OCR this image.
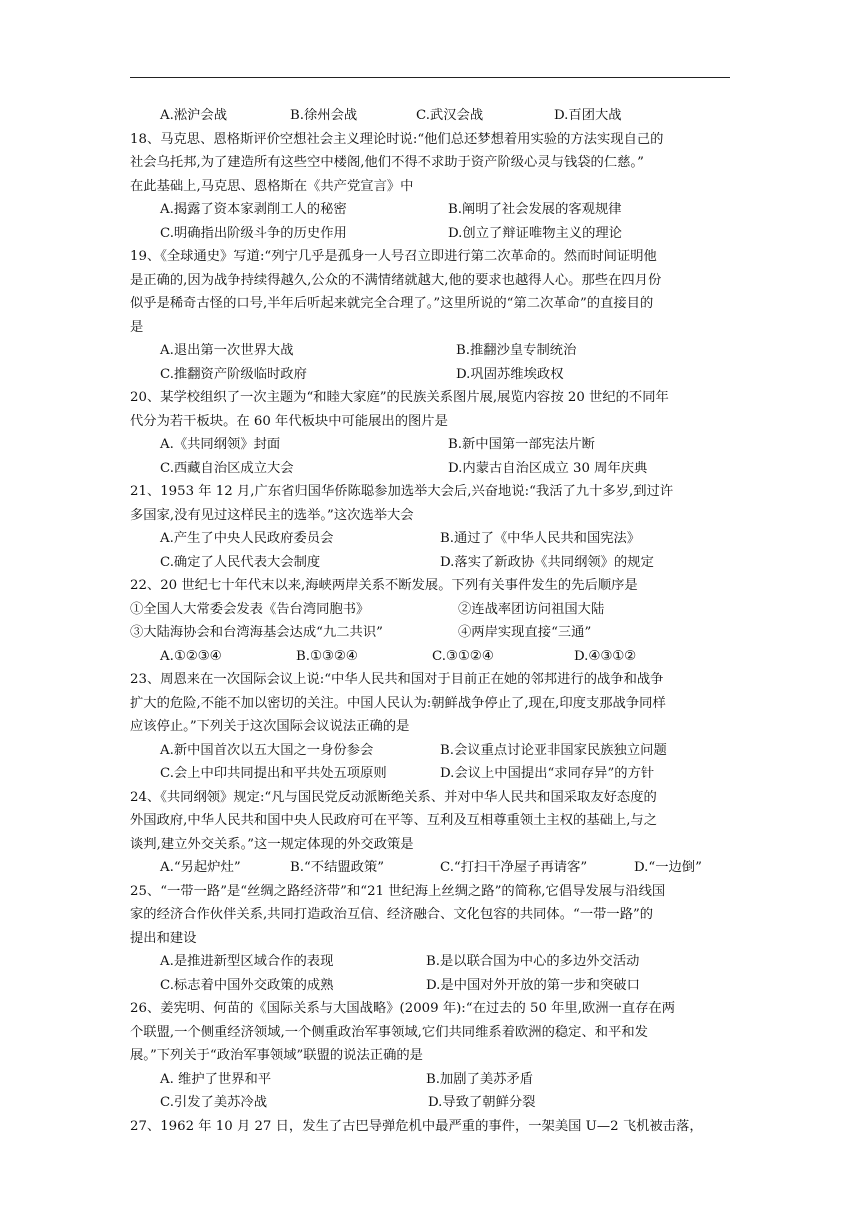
A.淞沪会战	B.徐州会战	C.武汉会战	D.百团大战
18、马克思、恩格斯评价空想社会主义理论时说:“他们总还梦想着用实验的方法实现自己的
社会乌托邦,为了建造所有这些空中楼阁,他们不得不求助于资产阶级心灵与钱袋的仁慈。”
在此基础上,马克思、恩格斯在《共产党宣言》中
A.揭露了资本家剥削工人的秘密	B.阐明了社会发展的客观规律
C.明确指出阶级斗争的历史作用	D.创立了辩证唯物主义的理论
19、《全球通史》写道:“列宁几乎是孤身一人号召立即进行第二次革命的。然而时间证明他
是正确的,因为战争持续得越久,公众的不满情绪就越大,他的要求也越得人心。那些在四月份
似乎是稀奇古怪的口号,半年后听起来就完全合理了。”这里所说的“第二次革命”的直接目的
是
A.退出第一次世界大战	B.推翻沙皇专制统治
C.推翻资产阶级临时政府	D.巩固苏维埃政权
20、某学校组织了一次主题为“和睦大家庭”的民族关系图片展,展览内容按 20 世纪的不同年
代分为若干板块。在 60 年代板块中可能展出的图片是
A.《共同纲领》封面	B.新中国第一部宪法片断
C.西藏自治区成立大会	D.内蒙古自治区成立 30 周年庆典
21、1953 年 12 月,广东省归国华侨陈聪参加选举大会后,兴奋地说:“我活了九十多岁,到过许
多国家,没有见过这样民主的选举。”这次选举大会
A.产生了中央人民政府委员会	B.通过了《中华人民共和国宪法》
C.确定了人民代表大会制度	D.落实了新政协《共同纲领》的规定
22、20 世纪七十年代末以来,海峡两岸关系不断发展。下列有关事件发生的先后顺序是
①全国人大常委会发表《告台湾同胞书》	②连战率团访问祖国大陆
③大陆海协会和台湾海基会达成“九二共识”	④两岸实现直接“三通”
A.①②③④	B.①③②④	C.③①②④	D.④③①②
23、周恩来在一次国际会议上说:“中华人民共和国对于目前正在她的邻邦进行的战争和战争
扩大的危险,不能不加以密切的关注。中国人民认为:朝鲜战争停止了,现在,印度支那战争同样
应该停止。”下列关于这次国际会议说法正确的是
A.新中国首次以五大国之一身份参会	B.会议重点讨论亚非国家民族独立问题
C.会上中印共同提出和平共处五项原则	D.会议上中国提出“求同存异”的方针
24、《共同纲领》规定:“凡与国民党反动派断绝关系、并对中华人民共和国采取友好态度的
外国政府,中华人民共和国中央人民政府可在平等、互利及互相尊重领土主权的基础上,与之
谈判,建立外交关系。”这一规定体现的外交政策是
A.“另起炉灶”	B.“不结盟政策”	C.“打扫干净屋子再请客”	D.“一边倒”
25、“一带一路”是“丝绸之路经济带”和“21 世纪海上丝绸之路”的简称,它倡导发展与沿线国
家的经济合作伙伴关系,共同打造政治互信、经济融合、文化包容的共同体。“一带一路”的
提出和建设
A.是推进新型区域合作的表现	B.是以联合国为中心的多边外交活动
C.标志着中国外交政策的成熟	D.是中国对外开放的第一步和突破口
26、姜宪明、何苗的《国际关系与大国战略》(2009 年):“在过去的 50 年里,欧洲一直存在两
个联盟,一个侧重经济领域,一个侧重政治军事领域,它们共同维系着欧洲的稳定、和平和发
展。”下列关于“政治军事领域”联盟的说法正确的是
A. 维护了世界和平	B.加剧了美苏矛盾
C.引发了美苏冷战	D.导致了朝鲜分裂
27、1962 年 10 月 27 日，发生了古巴导弹危机中最严重的事件，一架美国 U—2 飞机被击落，
